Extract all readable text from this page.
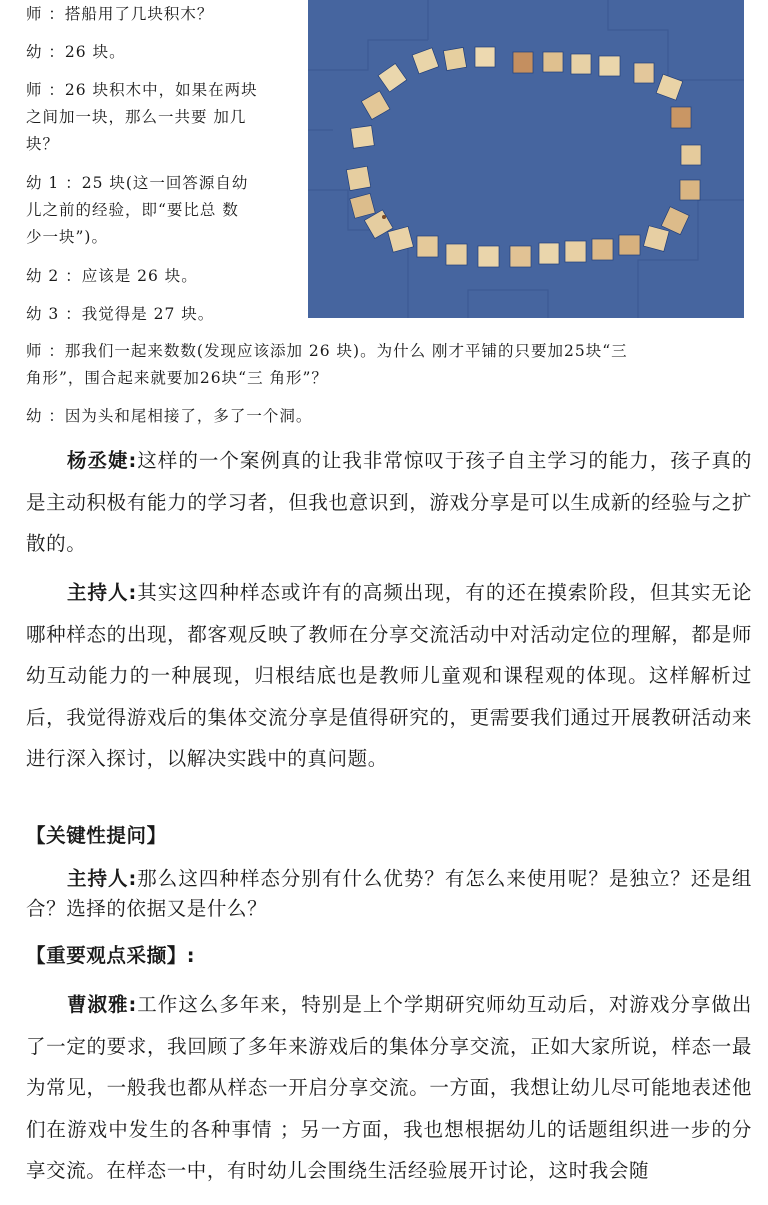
师 ：搭船用了几块积木？

幼 ：26 块。

师 ：26 块积木中，如果在两块

之间加一块，那么一共要 加几

块？

幼 1 ：25 块(这一回答源自幼

儿之前的经验，即“要比总 数

少一块”)。

幼 2 ：应该是 26 块。

幼 3 ：我觉得是 27 块。

师 ：那我们一起来数数(发现应该添加 26 块)。为什么 刚才平铺的只要加25块“三

角形”，围合起来就要加26块“三 角形”？

幼 ：因为头和尾相接了，多了一个洞。

杨丞婕:这样的一个案例真的让我非常惊叹于孩子自主学习的能力，孩子真的是主动积极有能力的学习者，但我也意识到，游戏分享是可以生成新的经验与之扩散的。

主持人:其实这四种样态或许有的高频出现，有的还在摸索阶段，但其实无论哪种样态的出现，都客观反映了教师在分享交流活动中对活动定位的理解，都是师幼互动能力的一种展现，归根结底也是教师儿童观和课程观的体现。这样解析过后，我觉得游戏后的集体交流分享是值得研究的，更需要我们通过开展教研活动来进行深入探讨，以解决实践中的真问题。

【关键性提问】

主持人:那么这四种样态分别有什么优势？有怎么来使用呢？是独立？还是组合？选择的依据又是什么？

【重要观点采撷】:

曹淑雅:工作这么多年来，特别是上个学期研究师幼互动后，对游戏分享做出了一定的要求，我回顾了多年来游戏后的集体分享交流，正如大家所说，样态一最为常见，一般我也都从样态一开启分享交流。一方面，我想让幼儿尽可能地表述他们在游戏中发生的各种事情 ；另一方面，我也想根据幼儿的话题组织进一步的分享交流。在样态一中，有时幼儿会围绕生活经验展开讨论，这时我会随
